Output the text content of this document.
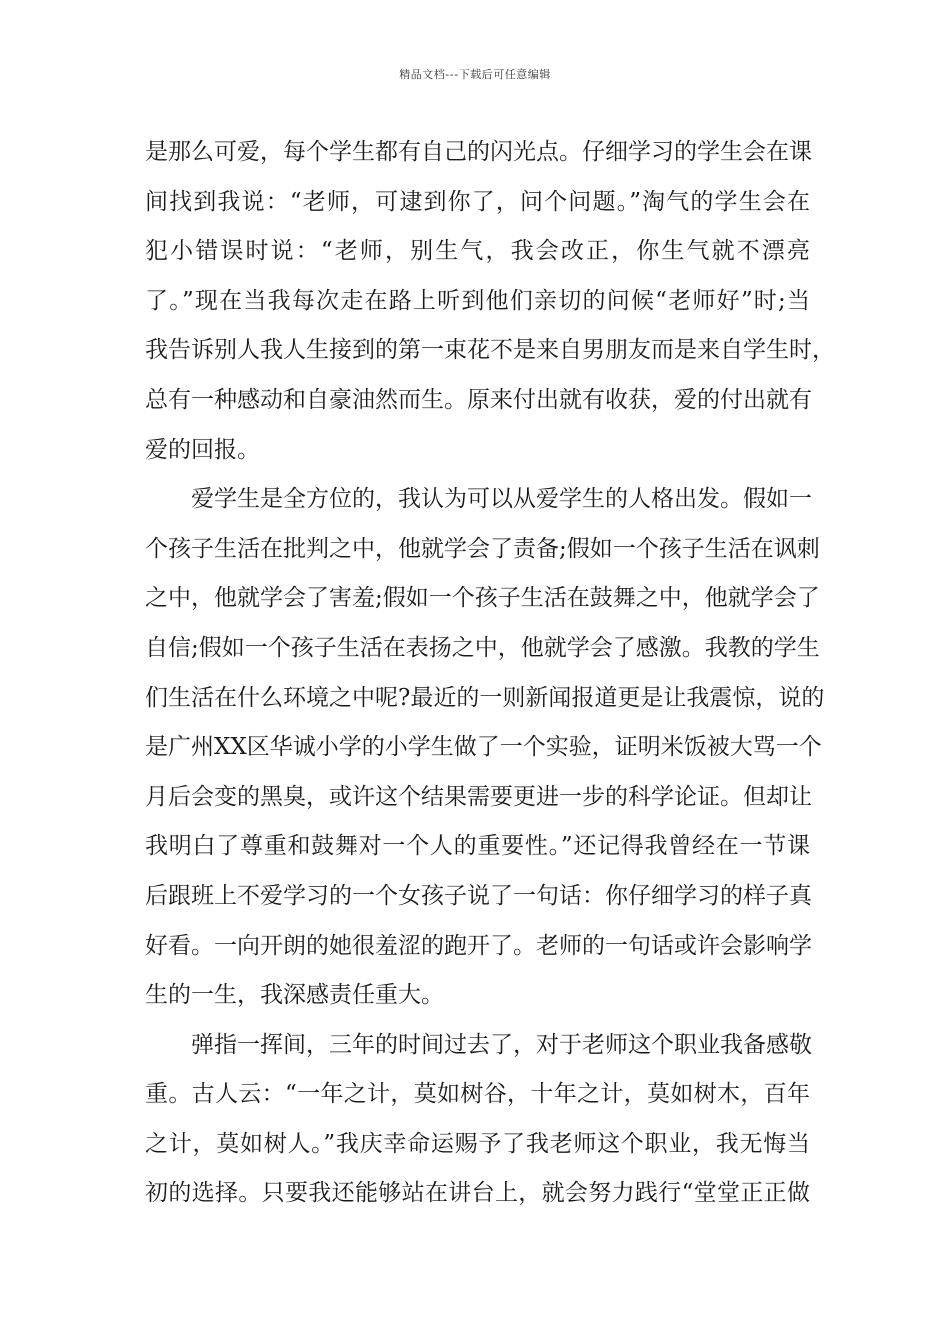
精品文档---下载后可任意编辑
是那么可爱，每个学生都有自己的闪光点。仔细学习的学生会在课
间找到我说：“老师，可逮到你了，问个问题。”淘气的学生会在
犯小错误时说：“老师，别生气，我会改正，你生气就不漂亮
了。”现在当我每次走在路上听到他们亲切的问候“老师好”时;当
我告诉别人我人生接到的第一束花不是来自男朋友而是来自学生时，
总有一种感动和自豪油然而生。原来付出就有收获，爱的付出就有
爱的回报。
爱学生是全方位的，我认为可以从爱学生的人格出发。假如一
个孩子生活在批判之中，他就学会了责备;假如一个孩子生活在讽刺
之中，他就学会了害羞;假如一个孩子生活在鼓舞之中，他就学会了
自信;假如一个孩子生活在表扬之中，他就学会了感激。我教的学生
们生活在什么环境之中呢?最近的一则新闻报道更是让我震惊，说的
是广州XX区华诚小学的小学生做了一个实验，证明米饭被大骂一个
月后会变的黑臭，或许这个结果需要更进一步的科学论证。但却让
我明白了尊重和鼓舞对一个人的重要性。”还记得我曾经在一节课
后跟班上不爱学习的一个女孩子说了一句话：你仔细学习的样子真
好看。一向开朗的她很羞涩的跑开了。老师的一句话或许会影响学
生的一生，我深感责任重大。
弹指一挥间，三年的时间过去了，对于老师这个职业我备感敬
重。古人云：“一年之计，莫如树谷，十年之计，莫如树木，百年
之计，莫如树人。”我庆幸命运赐予了我老师这个职业，我无悔当
初的选择。只要我还能够站在讲台上，就会努力践行“堂堂正正做
